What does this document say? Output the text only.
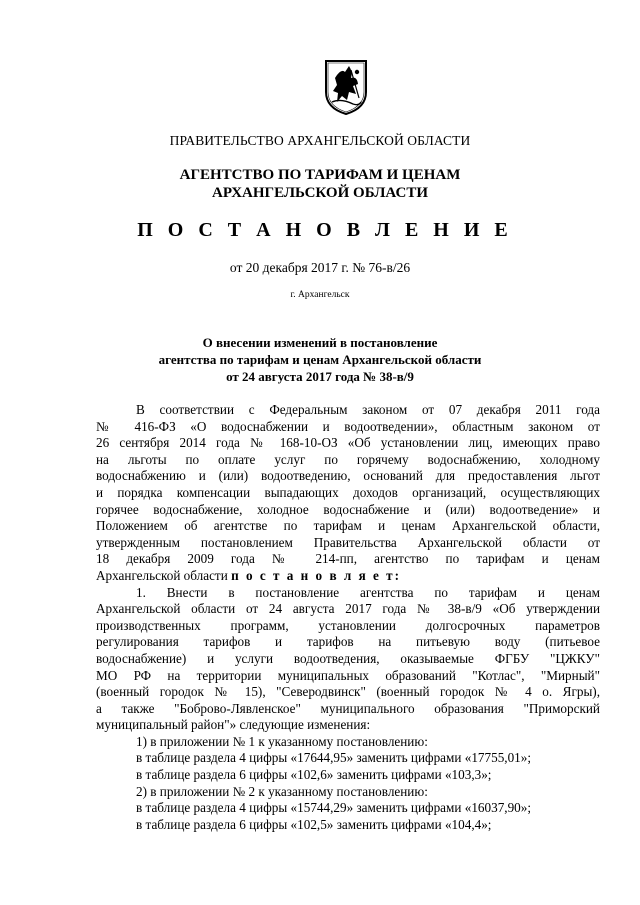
ПРАВИТЕЛЬСТВО АРХАНГЕЛЬСКОЙ ОБЛАСТИ
АГЕНТСТВО ПО ТАРИФАМ И ЦЕНАМ
АРХАНГЕЛЬСКОЙ ОБЛАСТИ
П О С Т А Н О В Л Е Н И Е
от 20 декабря 2017 г. № 76-в/26
г. Архангельск
О внесении изменений в постановление
агентства по тарифам и ценам Архангельской области
от 24 августа 2017 года № 38-в/9

В соответствии с Федеральным законом от 07 декабря 2011 года

№ 416-ФЗ «О водоснабжении и водоотведении», областным законом от

26 сентября 2014 года № 168-10-ОЗ «Об установлении лиц, имеющих право

на льготы по оплате услуг по горячему водоснабжению, холодному

водоснабжению и (или) водоотведению, оснований для предоставления льгот

и порядка компенсации выпадающих доходов организаций, осуществляющих

горячее водоснабжение, холодное водоснабжение и (или) водоотведение» и

Положением об агентстве по тарифам и ценам Архангельской области,

утвержденным постановлением Правительства Архангельской области от

18 декабря 2009 года № 214-пп, агентство по тарифам и ценам

Архангельской области п о с т а н о в л я е т:

1. Внести в постановление агентства по тарифам и ценам

Архангельской области от 24 августа 2017 года № 38-в/9 «Об утверждении

производственных программ, установлении долгосрочных параметров

регулирования тарифов и тарифов на питьевую воду (питьевое

водоснабжение) и услуги водоотведения, оказываемые ФГБУ "ЦЖКУ"

МО РФ на территории муниципальных образований "Котлас", "Мирный"

(военный городок № 15), "Северодвинск" (военный городок № 4 о. Ягры),

а также "Боброво-Лявленское" муниципального образования "Приморский

муниципальный район"» следующие изменения:

1) в приложении № 1 к указанному постановлению:

в таблице раздела 4 цифры «17644,95» заменить цифрами «17755,01»;

в таблице раздела 6 цифры «102,6» заменить цифрами «103,3»;

2) в приложении № 2 к указанному постановлению:

в таблице раздела 4 цифры «15744,29» заменить цифрами «16037,90»;

в таблице раздела 6 цифры «102,5» заменить цифрами «104,4»;
